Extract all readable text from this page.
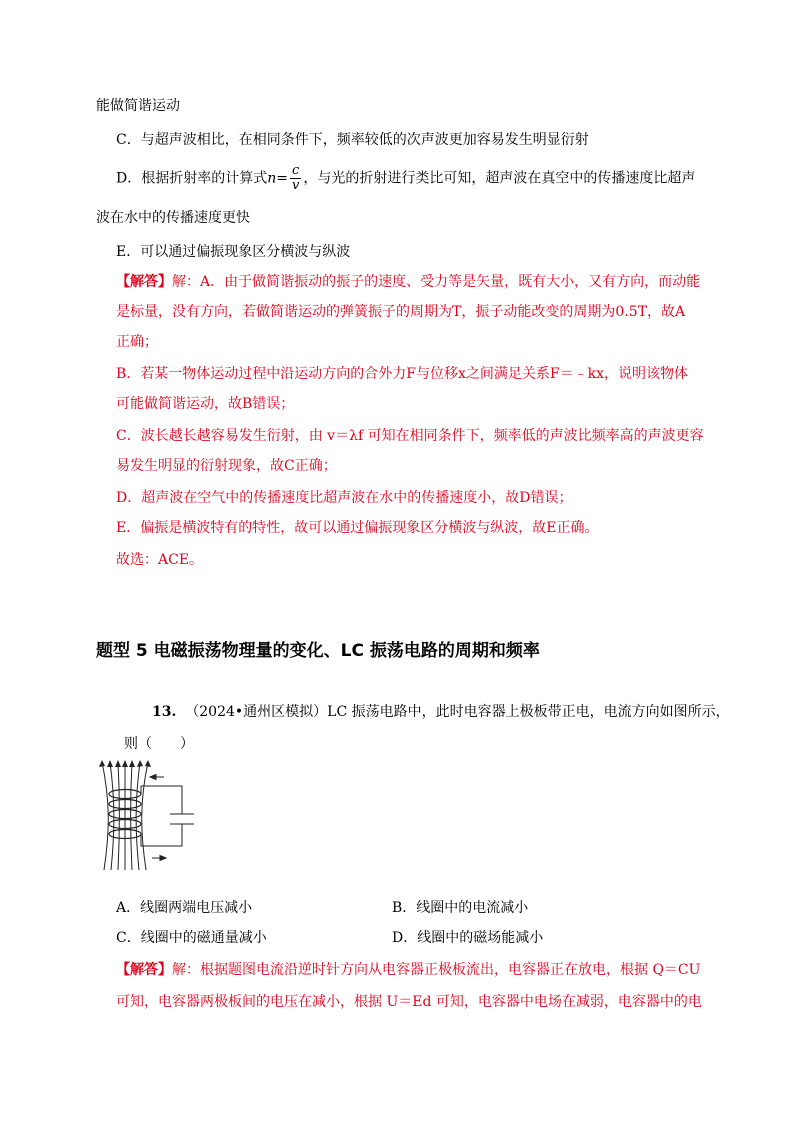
能做简谐运动
C．与超声波相比，在相同条件下，频率较低的次声波更加容易发生明显衍射
D．根据折射率的计算式$n= \frac{c}{v}$ ，与光的折射进行类比可知，超声波在真空中的传播速度比超声
波在水中的传播速度更快
E．可以通过偏振现象区分横波与纵波
【解答】解：A．由于做简谐振动的振子的速度、受力等是矢量，既有大小，又有方向，而动能
是标量，没有方向，若做简谐运动的弹簧振子的周期为T，振子动能改变的周期为0.5T，故A
正确；
B．若某一物体运动过程中沿运动方向的合外力F与位移x之间满足关系F＝﹣kx，说明该物体
可能做简谐运动，故B错误；
C．波长越长越容易发生衍射，由 v＝λf 可知在相同条件下，频率低的声波比频率高的声波更容
易发生明显的衍射现象，故C正确；
D．超声波在空气中的传播速度比超声波在水中的传播速度小，故D错误；
E．偏振是横波特有的特性，故可以通过偏振现象区分横波与纵波，故E正确。
故选：ACE。
题型 5 电磁振荡物理量的变化、LC 振荡电路的周期和频率
13. （2024•通州区模拟）LC 振荡电路中，此时电容器上极板带正电，电流方向如图所示，
则（　　）
A．线圈两端电压减小	B．线圈中的电流减小
C．线圈中的磁通量减小	D．线圈中的磁场能减小
【解答】解：根据题图电流沿逆时针方向从电容器正极板流出，电容器正在放电，根据 Q＝CU
可知，电容器两极板间的电压在减小，根据 U＝Ed 可知，电容器中电场在减弱，电容器中的电
